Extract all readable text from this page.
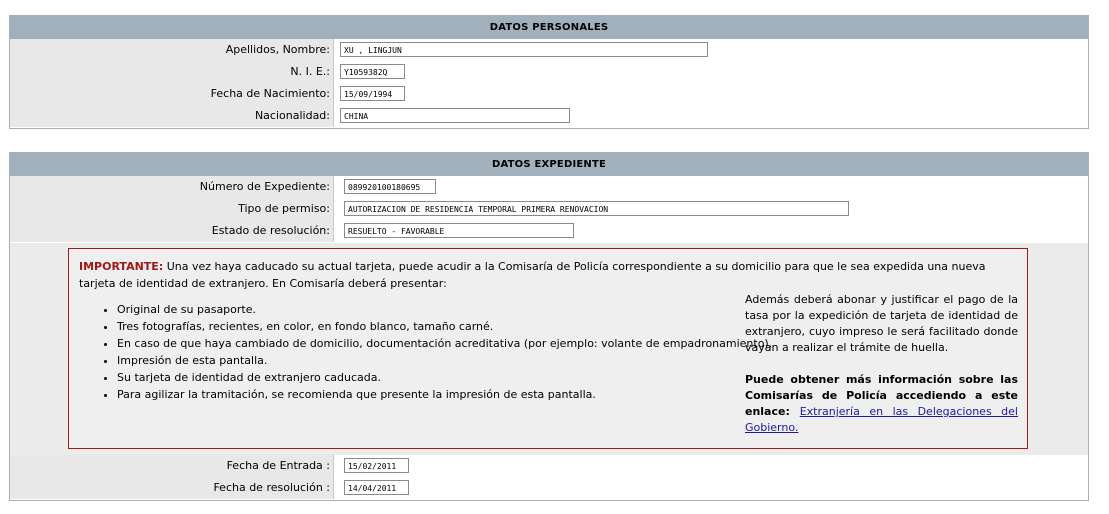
DATOS PERSONALES
Apellidos, Nombre:	XU , LINGJUN
N. I. E.:	Y1059382Q
Fecha de Nacimiento:	15/09/1994
Nacionalidad:	CHINA
DATOS EXPEDIENTE
Número de Expediente:	089920100180695
Tipo de permiso:	AUTORIZACION DE RESIDENCIA TEMPORAL PRIMERA RENOVACION
Estado de resolución:	RESUELTO - FAVORABLE
IMPORTANTE: Una vez haya caducado su actual tarjeta, puede acudir a la Comisaría de Policía correspondiente a su domicilio para que le sea expedida una nueva tarjeta de identidad de extranjero. En Comisaría deberá presentar:
• Original de su pasaporte.
• Tres fotografías, recientes, en color, en fondo blanco, tamaño carné.
• En caso de que haya cambiado de domicilio, documentación acreditativa (por ejemplo: volante de empadronamiento).
• Impresión de esta pantalla.
• Su tarjeta de identidad de extranjero caducada.
• Para agilizar la tramitación, se recomienda que presente la impresión de esta pantalla.
Además deberá abonar y justificar el pago de la tasa por la expedición de tarjeta de identidad de extranjero, cuyo impreso le será facilitado donde vayan a realizar el trámite de huella.
Puede obtener más información sobre las Comisarías de Policía accediendo a este enlace: Extranjería en las Delegaciones del Gobierno.
Fecha de Entrada :	15/02/2011
Fecha de resolución :	14/04/2011
